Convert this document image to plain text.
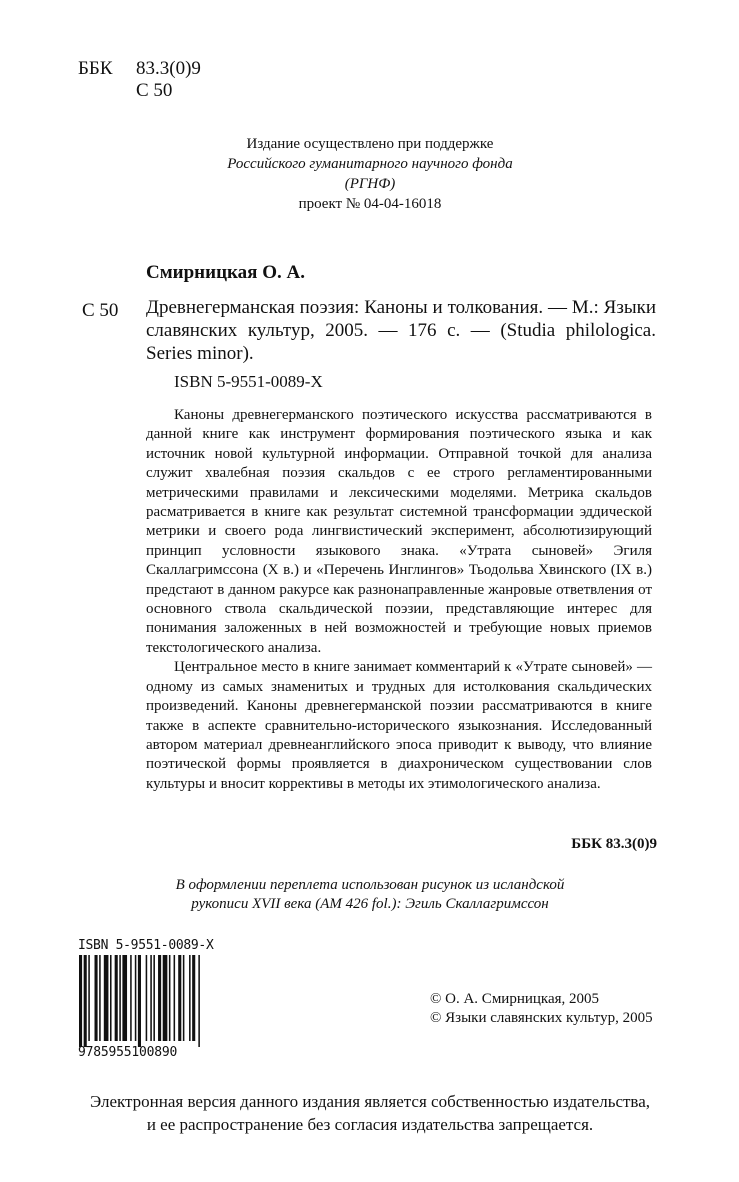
ББК 83.3(0)9
С 50
Издание осуществлено при поддержке
Российского гуманитарного научного фонда
(РГНФ)
проект № 04-04-16018
Смирницкая О. А.
С 50 Древнегерманская поэзия: Каноны и толкования. — М.: Языки славянских культур, 2005. — 176 с. — (Studia philologica. Series minor).
ISBN 5-9551-0089-X

Каноны древнегерманского поэтического искусства рассматриваются в данной книге как инструмент формирования поэтического языка и как источник новой культурной информации. Отправной точкой для анализа служит хвалебная поэзия скальдов с ее строго регламентированными метрическими правилами и лексическими моделями. Метрика скальдов расматривается в книге как результат системной трансформации эддической метрики и своего рода лингвистический эксперимент, абсолютизирующий принцип условности языкового знака. «Утрата сыновей» Эгиля Скаллагримссона (X в.) и «Перечень Инглингов» Тьодольва Хвинского (IX в.) предстают в данном ракурсе как разнонаправленные жанровые ответвления от основного ствола скальдической поэзии, представляющие интерес для понимания заложенных в ней возможностей и требующие новых приемов текстологического анализа.

Центральное место в книге занимает комментарий к «Утрате сыновей» — одному из самых знаменитых и трудных для истолкования скальдических произведений. Каноны древнегерманской поэзии рассматриваются в книге также в аспекте сравнительно-исторического языкознания. Исследованный автором материал древнеанглийского эпоса приводит к выводу, что влияние поэтической формы проявляется в диахроническом существовании слов культуры и вносит коррективы в методы их этимологического анализа.

ББК 83.3(0)9
В оформлении переплета использован рисунок из исландской
рукописи XVII века (AM 426 fol.): Эгиль Скаллагримссон
ISBN 5-9551-0089-X
9785955100890
© О. А. Смирницкая, 2005
© Языки славянских культур, 2005
Электронная версия данного издания является собственностью издательства,
и ее распространение без согласия издательства запрещается.
